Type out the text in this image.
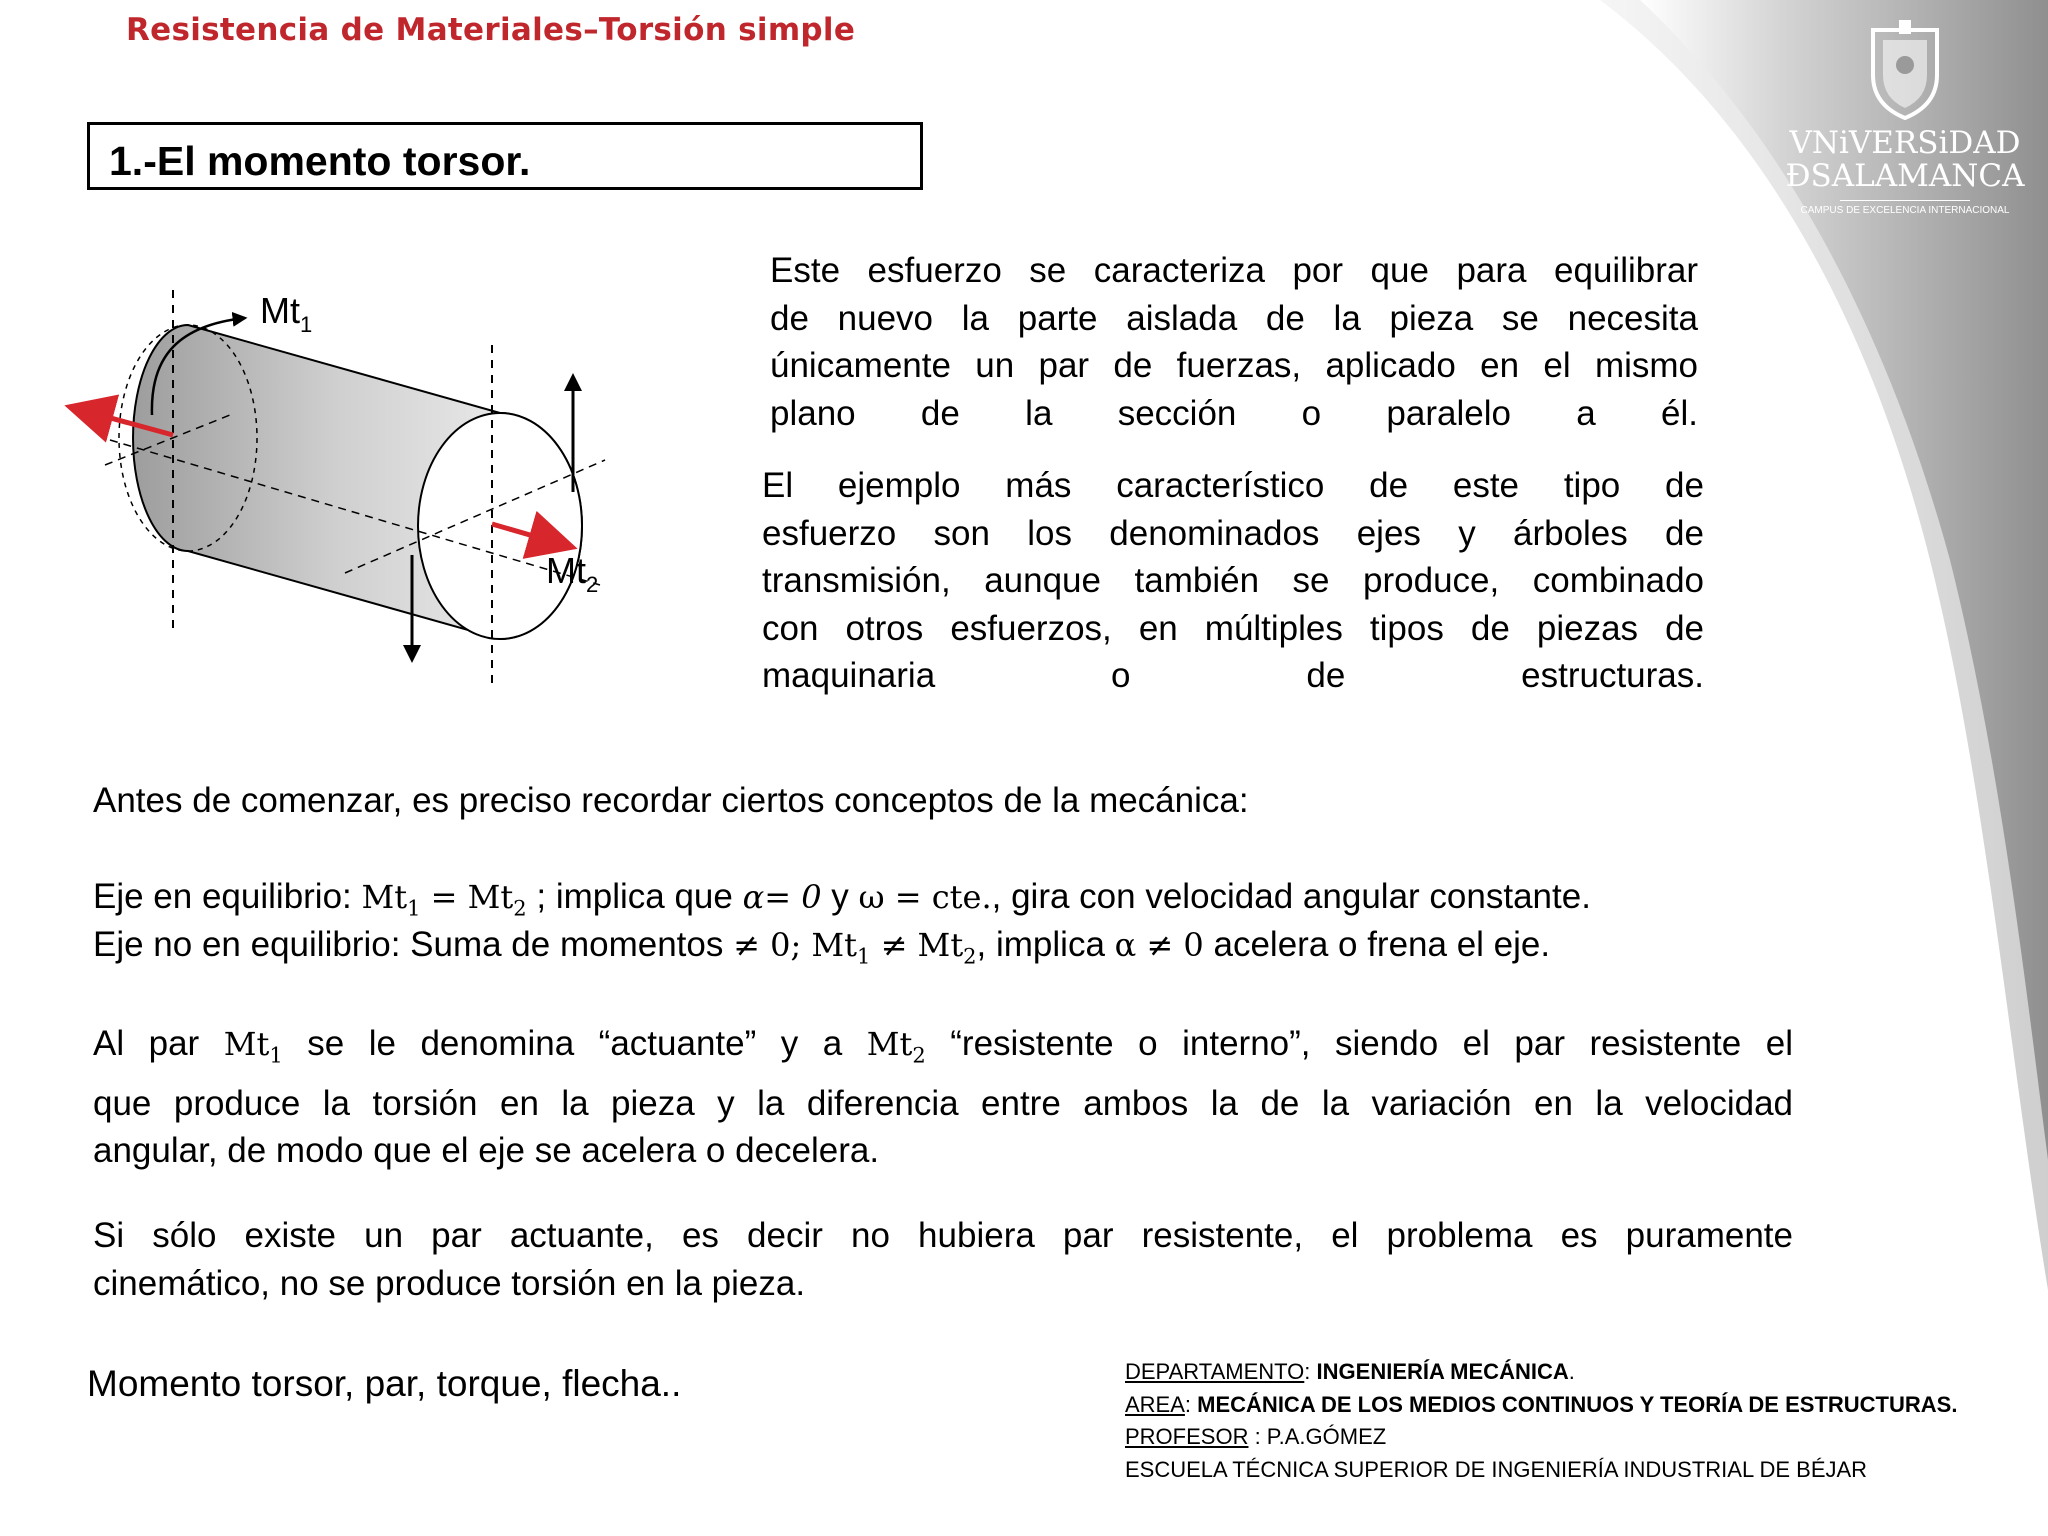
Resistencia de Materiales–Torsión simple
VNiVERSiDAD
ÐSALAMANCA
CAMPUS DE EXCELENCIA INTERNACIONAL
1.-El momento torsor.
$Mt_1$
$Mt_2$
Este esfuerzo se caracteriza por que para equilibrar
de nuevo la parte aislada de la pieza se necesita
únicamente un par de fuerzas, aplicado en el mismo
plano de la sección o paralelo a él.
El ejemplo más característico de este tipo de
esfuerzo son los denominados ejes y árboles de
transmisión, aunque también se produce, combinado
con otros esfuerzos, en múltiples tipos de piezas de
maquinaria o de estructuras.
Antes de comenzar, es preciso recordar ciertos conceptos de la mecánica:
Eje en equilibrio: $Mt_1 = Mt_2$ ; implica que α= 0 y ω = cte., gira con velocidad angular constante.
Eje no en equilibrio: Suma de momentos ≠ 0; $Mt_1 \ne Mt_2$, implica α ≠ 0 acelera o frena el eje.
Al par $Mt_1$ se le denomina “actuante” y a $Mt_2$ “resistente o interno”, siendo el par resistente el
que produce la torsión en la pieza y la diferencia entre ambos la de la variación en la velocidad
angular, de modo que el eje se acelera o decelera.
Si sólo existe un par actuante, es decir no hubiera par resistente, el problema es puramente
cinemático, no se produce torsión en la pieza.
Momento torsor, par, torque, flecha..	DEPARTAMENTO: INGENIERÍA MECÁNICA.
AREA: MECÁNICA DE LOS MEDIOS CONTINUOS Y TEORÍA DE ESTRUCTURAS.
PROFESOR : P.A.GÓMEZ
ESCUELA TÉCNICA SUPERIOR DE INGENIERÍA INDUSTRIAL DE BÉJAR
